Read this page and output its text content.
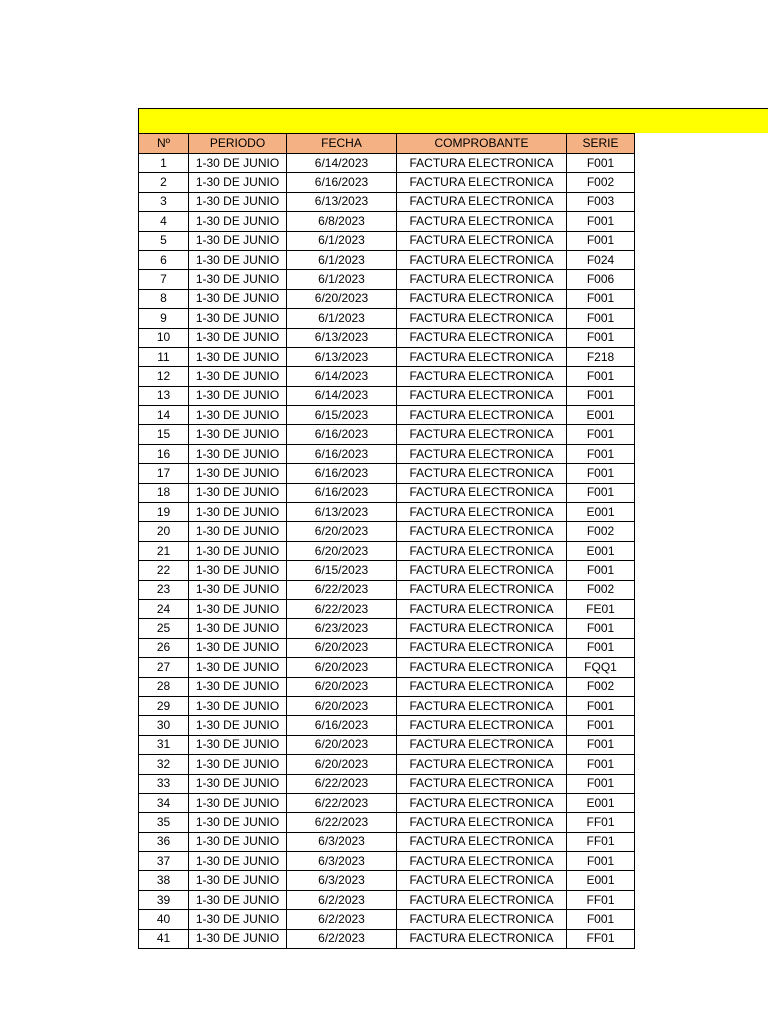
Nº	PERIODO	FECHA	COMPROBANTE	SERIE
1	1-30 DE JUNIO	6/14/2023	FACTURA ELECTRONICA	F001
2	1-30 DE JUNIO	6/16/2023	FACTURA ELECTRONICA	F002
3	1-30 DE JUNIO	6/13/2023	FACTURA ELECTRONICA	F003
4	1-30 DE JUNIO	6/8/2023	FACTURA ELECTRONICA	F001
5	1-30 DE JUNIO	6/1/2023	FACTURA ELECTRONICA	F001
6	1-30 DE JUNIO	6/1/2023	FACTURA ELECTRONICA	F024
7	1-30 DE JUNIO	6/1/2023	FACTURA ELECTRONICA	F006
8	1-30 DE JUNIO	6/20/2023	FACTURA ELECTRONICA	F001
9	1-30 DE JUNIO	6/1/2023	FACTURA ELECTRONICA	F001
10	1-30 DE JUNIO	6/13/2023	FACTURA ELECTRONICA	F001
11	1-30 DE JUNIO	6/13/2023	FACTURA ELECTRONICA	F218
12	1-30 DE JUNIO	6/14/2023	FACTURA ELECTRONICA	F001
13	1-30 DE JUNIO	6/14/2023	FACTURA ELECTRONICA	F001
14	1-30 DE JUNIO	6/15/2023	FACTURA ELECTRONICA	E001
15	1-30 DE JUNIO	6/16/2023	FACTURA ELECTRONICA	F001
16	1-30 DE JUNIO	6/16/2023	FACTURA ELECTRONICA	F001
17	1-30 DE JUNIO	6/16/2023	FACTURA ELECTRONICA	F001
18	1-30 DE JUNIO	6/16/2023	FACTURA ELECTRONICA	F001
19	1-30 DE JUNIO	6/13/2023	FACTURA ELECTRONICA	E001
20	1-30 DE JUNIO	6/20/2023	FACTURA ELECTRONICA	F002
21	1-30 DE JUNIO	6/20/2023	FACTURA ELECTRONICA	E001
22	1-30 DE JUNIO	6/15/2023	FACTURA ELECTRONICA	F001
23	1-30 DE JUNIO	6/22/2023	FACTURA ELECTRONICA	F002
24	1-30 DE JUNIO	6/22/2023	FACTURA ELECTRONICA	FE01
25	1-30 DE JUNIO	6/23/2023	FACTURA ELECTRONICA	F001
26	1-30 DE JUNIO	6/20/2023	FACTURA ELECTRONICA	F001
27	1-30 DE JUNIO	6/20/2023	FACTURA ELECTRONICA	FQQ1
28	1-30 DE JUNIO	6/20/2023	FACTURA ELECTRONICA	F002
29	1-30 DE JUNIO	6/20/2023	FACTURA ELECTRONICA	F001
30	1-30 DE JUNIO	6/16/2023	FACTURA ELECTRONICA	F001
31	1-30 DE JUNIO	6/20/2023	FACTURA ELECTRONICA	F001
32	1-30 DE JUNIO	6/20/2023	FACTURA ELECTRONICA	F001
33	1-30 DE JUNIO	6/22/2023	FACTURA ELECTRONICA	F001
34	1-30 DE JUNIO	6/22/2023	FACTURA ELECTRONICA	E001
35	1-30 DE JUNIO	6/22/2023	FACTURA ELECTRONICA	FF01
36	1-30 DE JUNIO	6/3/2023	FACTURA ELECTRONICA	FF01
37	1-30 DE JUNIO	6/3/2023	FACTURA ELECTRONICA	F001
38	1-30 DE JUNIO	6/3/2023	FACTURA ELECTRONICA	E001
39	1-30 DE JUNIO	6/2/2023	FACTURA ELECTRONICA	FF01
40	1-30 DE JUNIO	6/2/2023	FACTURA ELECTRONICA	F001
41	1-30 DE JUNIO	6/2/2023	FACTURA ELECTRONICA	FF01
